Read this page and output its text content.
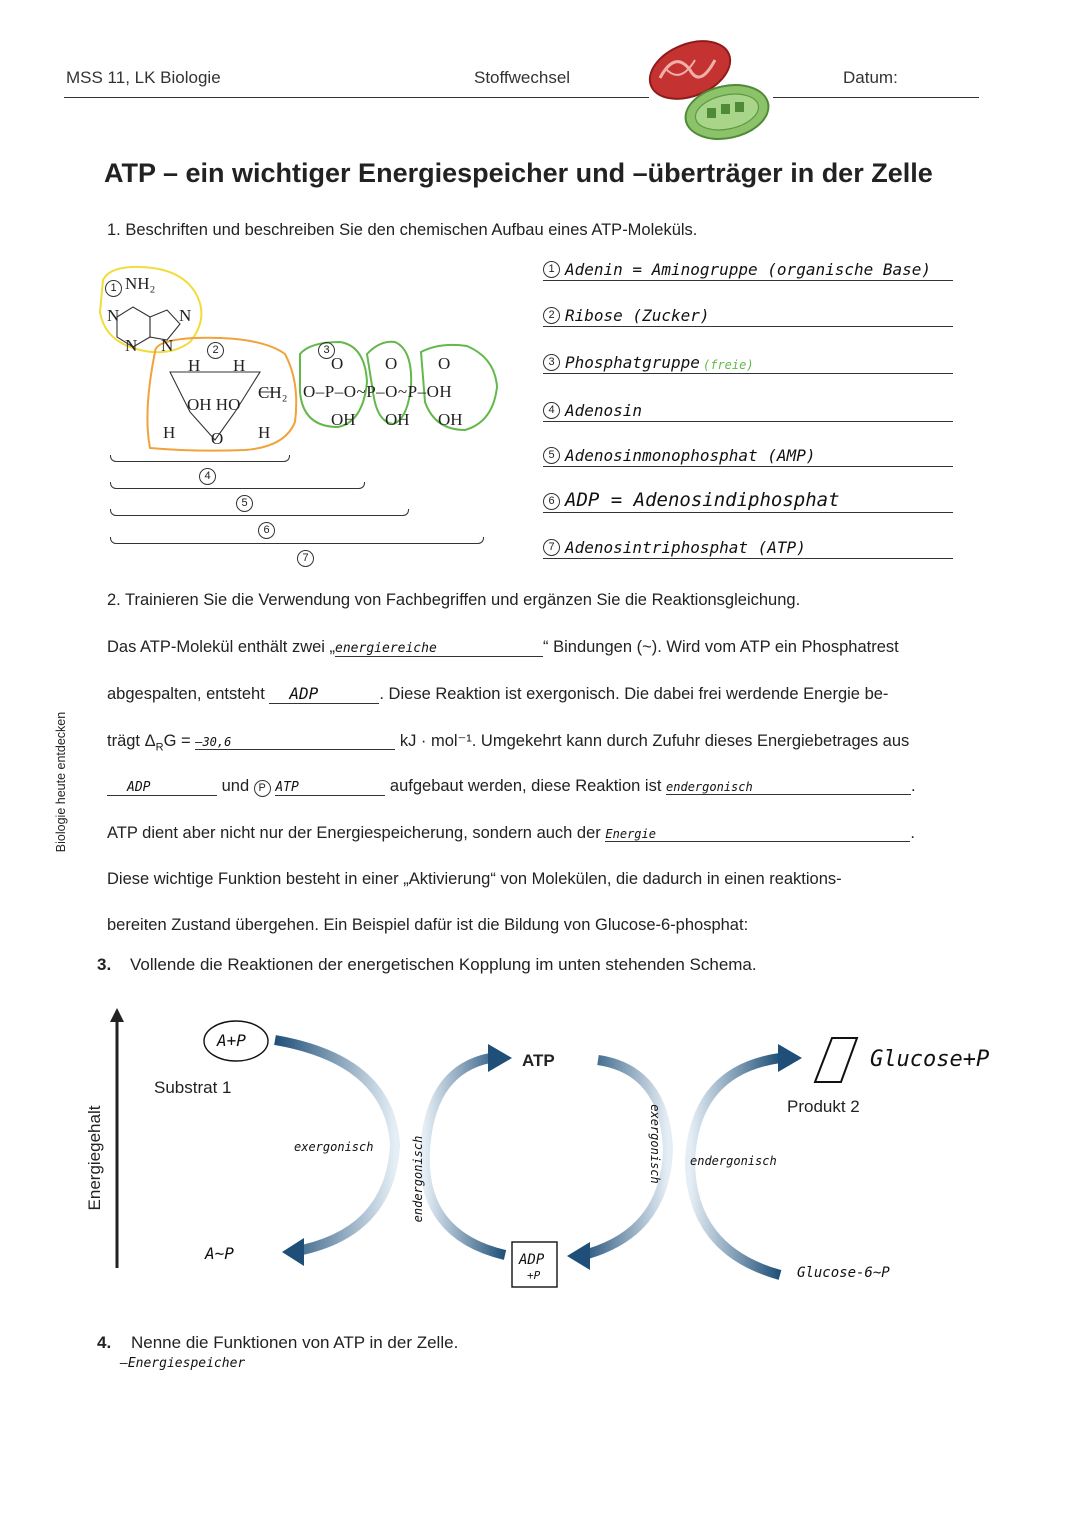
MSS 11, LK Biologie	Stoffwechsel	Datum:
Biologie heute entdecken
ATP – ein wichtiger Energiespeicher und –überträger in der Zelle
1. Beschriften und beschreiben Sie den chemischen Aufbau eines ATP-Moleküls.
1 NH₂
N	N
N N	2
H H
OH HO
H O H
CH₂ O–P–O~P–O~P–OH
3
O O O
OH OH OH
4
5
6
7
1 Adenin = Aminogruppe (organische Base)
2 Ribose (Zucker)
3 Phosphatgruppe (freie)
4 Adenosin
5 Adenosinmonophosphat (AMP)
6 ADP = Adenosindiphosphat
7 Adenosintriphosphat (ATP)
2. Trainieren Sie die Verwendung von Fachbegriffen und ergänzen Sie die Reaktionsgleichung.
Das ATP-Molekül enthält zwei „energiereiche	“ Bindungen (~). Wird vom ATP ein Phosphatrest
abgespalten, entsteht ADP	. Diese Reaktion ist exergonisch. Die dabei frei werdende Energie be-
trägt $\Delta_RG = -30,6$	kJ · mol⁻¹. Umgekehrt kann durch Zufuhr dieses Energiebetrages aus
ADP	und P ATP	aufgebaut werden, diese Reaktion ist endergonisch	.
ATP dient aber nicht nur der Energiespeicherung, sondern auch der Energie	.
Diese wichtige Funktion besteht in einer „Aktivierung“ von Molekülen, die dadurch in einen reaktions-
bereiten Zustand übergehen. Ein Beispiel dafür ist die Bildung von Glucose-6-phosphat:
3. Vollende die Reaktionen der energetischen Kopplung im unten stehenden Schema.
Energiegehalt
A+P
Substrat 1
exergonisch	endergonisch
A~P
ATP
ADP
+P
exergonisch endergonisch
Glucose+P
Produkt 2
Glucose-6~P
4. Nenne die Funktionen von ATP in der Zelle.
–Energiespeicher
